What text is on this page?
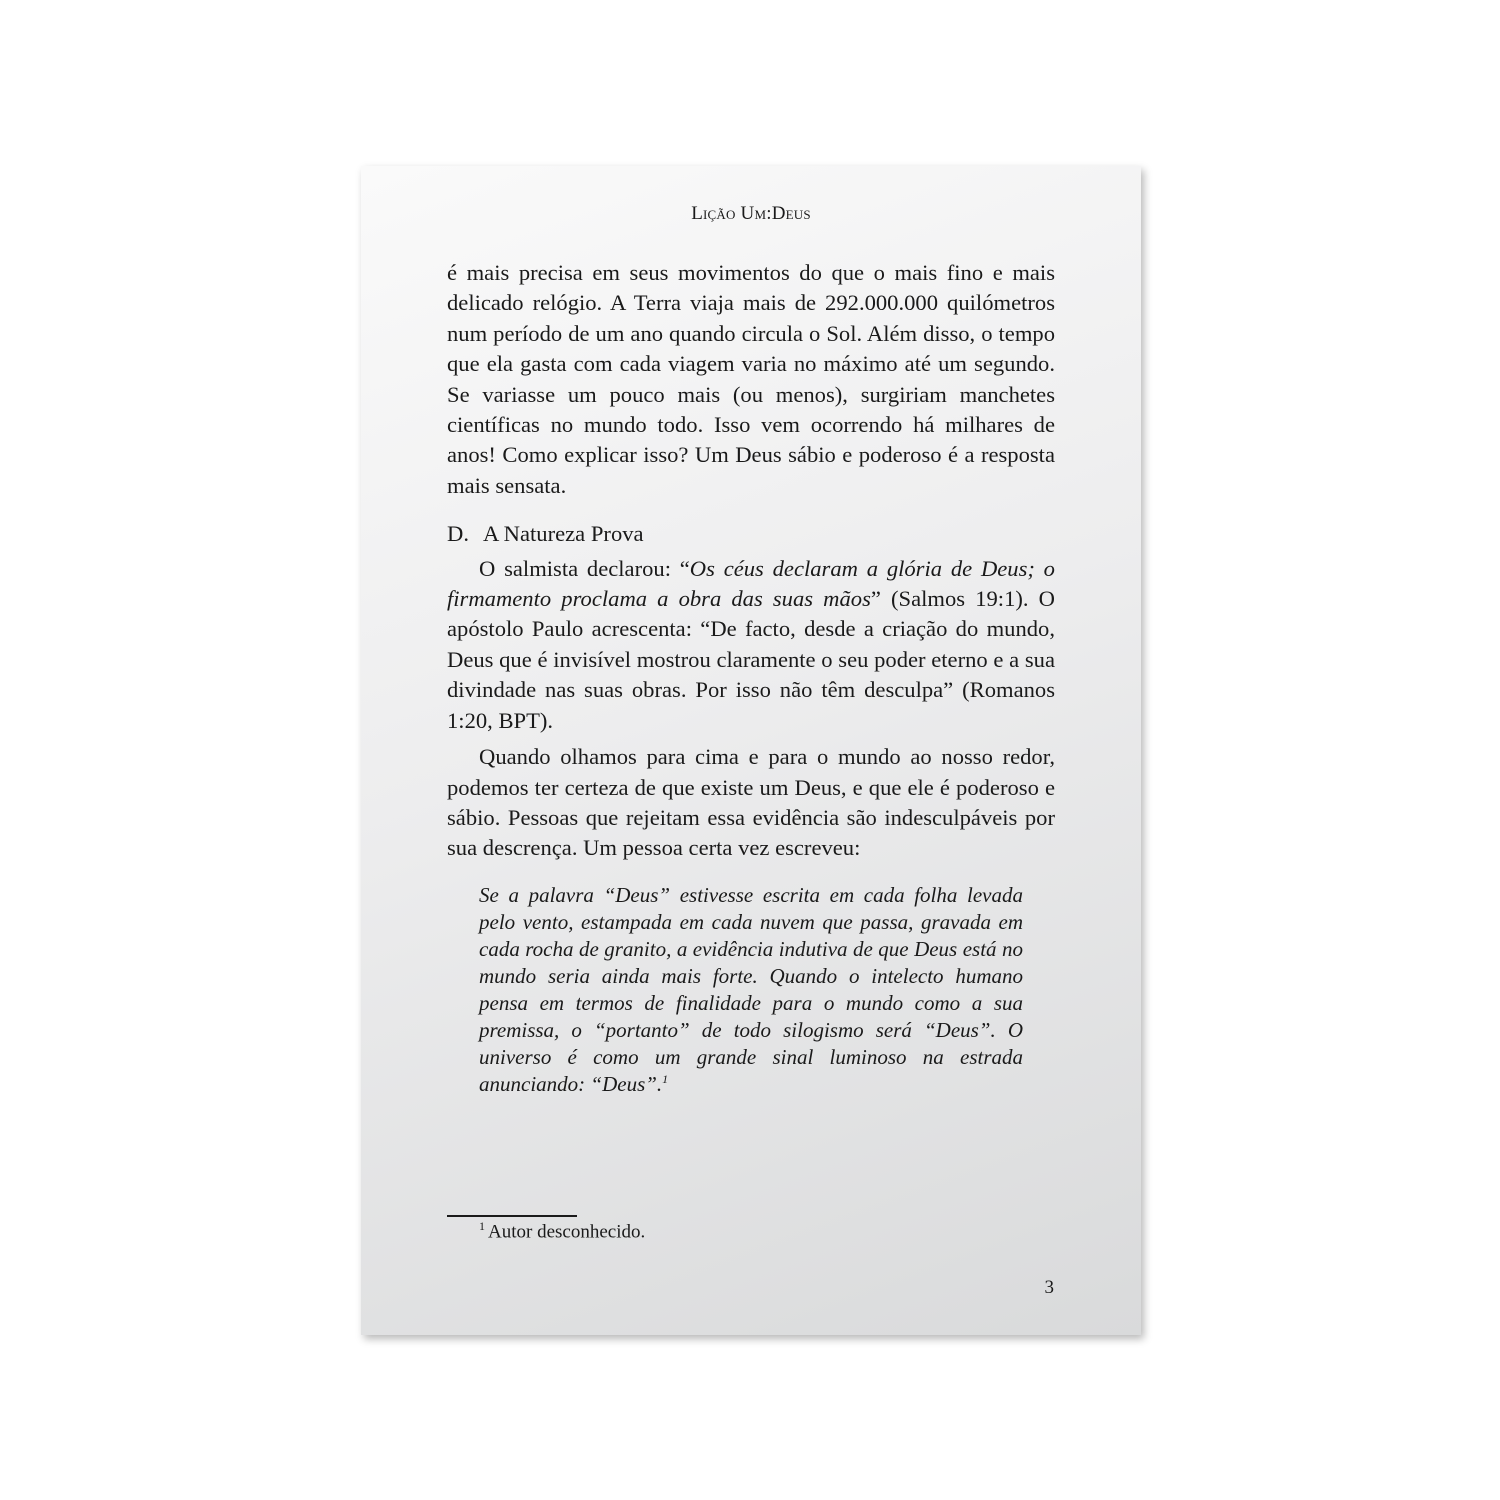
Lição Um:Deus

é mais precisa em seus movimentos do que o mais fino e mais delicado relógio. A Terra viaja mais de 292.000.000 quilómetros num período de um ano quando circula o Sol. Além disso, o tempo que ela gasta com cada viagem varia no máximo até um segundo. Se variasse um pouco mais (ou menos), surgiriam manchetes científicas no mundo todo. Isso vem ocorrendo há milhares de anos! Como explicar isso? Um Deus sábio e poderoso é a resposta mais sensata.

D. A Natureza Prova

O salmista declarou: “Os céus declaram a glória de Deus; o firmamento proclama a obra das suas mãos” (Salmos 19:1). O apóstolo Paulo acrescenta: “De facto, desde a criação do mundo, Deus que é invisível mostrou claramente o seu poder eterno e a sua divindade nas suas obras. Por isso não têm desculpa” (Romanos 1:20, BPT).

Quando olhamos para cima e para o mundo ao nosso redor, podemos ter certeza de que existe um Deus, e que ele é poderoso e sábio. Pessoas que rejeitam essa evidência são indesculpáveis por sua descrença. Um pessoa certa vez escreveu:

Se a palavra “Deus” estivesse escrita em cada folha levada pelo vento, estampada em cada nuvem que passa, gravada em cada rocha de granito, a evidência indutiva de que Deus está no mundo seria ainda mais forte. Quando o intelecto humano pensa em termos de finalidade para o mundo como a sua premissa, o “portanto” de todo silogismo será “Deus”. O universo é como um grande sinal luminoso na estrada anunciando: “Deus”.$^1$

$^1$ Autor desconhecido.
3
